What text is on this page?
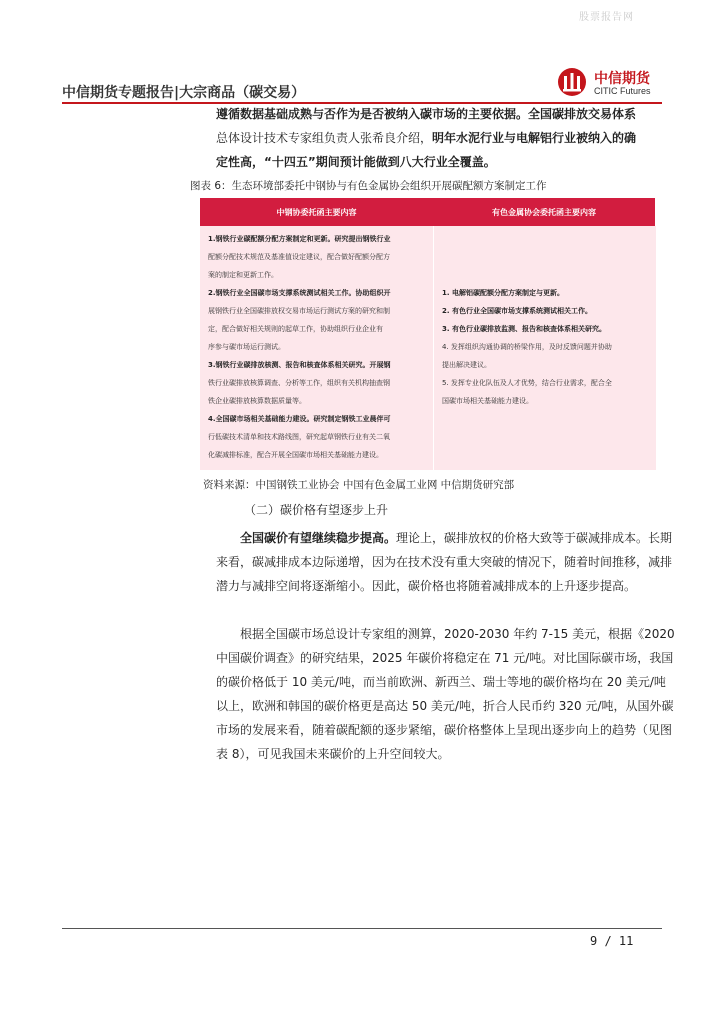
股票报告网
中信期货专题报告|大宗商品（碳交易）
中信期货
CITIC Futures
遵循数据基础成熟与否作为是否被纳入碳市场的主要依据。全国碳排放交易体系
总体设计技术专家组负责人张希良介绍，明年水泥行业与电解铝行业被纳入的确
定性高，“十四五”期间预计能做到八大行业全覆盖。
图表 6：生态环境部委托中钢协与有色金属协会组织开展碳配额方案制定工作
中钢协委托函主要内容	有色金属协会委托函主要内容
1.钢铁行业碳配额分配方案制定和更新。研究提出钢铁行业
配额分配技术规范及基准值设定建议，配合做好配额分配方
案的制定和更新工作。
2.钢铁行业全国碳市场支撑系统测试相关工作。协助组织开
展钢铁行业全国碳排放权交易市场运行测试方案的研究和制
定，配合做好相关规则的起草工作，协助组织行业企业有
序参与碳市场运行测试。
3.钢铁行业碳排放核测、报告和核查体系相关研究。开展钢
铁行业碳排放核算调查、分析等工作，组织有关机构抽查钢
铁企业碳排放核算数据质量等。
4.全国碳市场相关基础能力建设。研究制定钢铁工业晨伴可
行低碳技术清单和技术路线图，研究起草钢铁行业有关二氧
化碳减排标准，配合开展全国碳市场相关基础能力建设。
1. 电解铝碳配额分配方案制定与更新。
2. 有色行业全国碳市场支撑系统测试相关工作。
3. 有色行业碳排放监测、报告和核查体系相关研究。
4. 发挥组织沟通协调的桥梁作用，及时反馈问题并协助
提出解决建议。
5. 发挥专业化队伍及人才优势，结合行业需求，配合全
国碳市场相关基础能力建设。
资料来源：中国钢铁工业协会 中国有色金属工业网 中信期货研究部
（二）碳价格有望逐步上升
全国碳价有望继续稳步提高。理论上，碳排放权的价格大致等于碳减排成本。长期来看，碳减排成本边际递增，因为在技术没有重大突破的情况下，随着时间推移，减排潜力与减排空间将逐渐缩小。因此，碳价格也将随着减排成本的上升逐步提高。
根据全国碳市场总设计专家组的测算，2020-2030 年约 7-15 美元，根据《2020 中国碳价调查》的研究结果，2025 年碳价将稳定在 71 元/吨。对比国际碳市场，我国的碳价格低于 10 美元/吨，而当前欧洲、新西兰、瑞士等地的碳价格均在 20 美元/吨以上，欧洲和韩国的碳价格更是高达 50 美元/吨，折合人民币约 320 元/吨，从国外碳市场的发展来看，随着碳配额的逐步紧缩，碳价格整体上呈现出逐步向上的趋势（见图表 8），可见我国未来碳价的上升空间较大。
9 / 11
